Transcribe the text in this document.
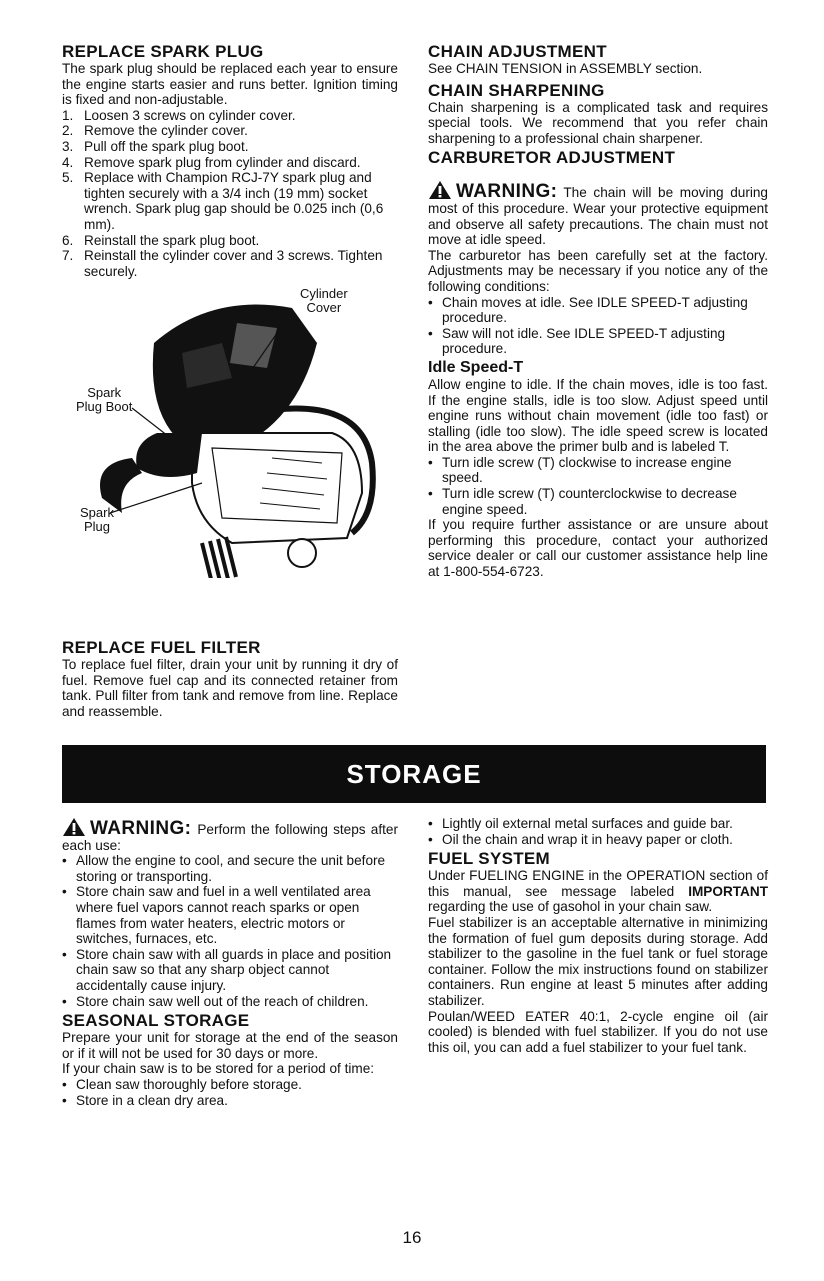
REPLACE SPARK PLUG

The spark plug should be replaced each year to ensure the engine starts easier and runs better. Ignition timing is fixed and non-adjustable.

1. Loosen 3 screws on cylinder cover.
2. Remove the cylinder cover.
3. Pull off the spark plug boot.
4. Remove spark plug from cylinder and discard.
5. Replace with Champion RCJ-7Y spark plug and tighten securely with a 3/4 inch (19 mm) socket wrench. Spark plug gap should be 0.025 inch (0,6 mm).
6. Reinstall the spark plug boot.
7. Reinstall the cylinder cover and 3 screws. Tighten securely.
Cylinder
Cover
Spark
Plug Boot
Spark
Plug
REPLACE FUEL FILTER

To replace fuel filter, drain your unit by running it dry of fuel. Remove fuel cap and its connected retainer from tank. Pull filter from tank and remove from line. Replace and reassemble.

CHAIN ADJUSTMENT

See CHAIN TENSION in ASSEMBLY section.

CHAIN SHARPENING

Chain sharpening is a complicated task and requires special tools. We recommend that you refer chain sharpening to a professional chain sharpener.

CARBURETOR ADJUSTMENT

WARNING: The chain will be moving during most of this procedure. Wear your protective equipment and observe all safety precautions. The chain must not move at idle speed.

The carburetor has been carefully set at the factory. Adjustments may be necessary if you notice any of the following conditions:

• Chain moves at idle. See IDLE SPEED-T adjusting procedure.
• Saw will not idle. See IDLE SPEED-T adjusting procedure.
Idle Speed-T

Allow engine to idle. If the chain moves, idle is too fast. If the engine stalls, idle is too slow. Adjust speed until engine runs without chain movement (idle too fast) or stalling (idle too slow). The idle speed screw is located in the area above the primer bulb and is labeled T.

• Turn idle screw (T) clockwise to increase engine speed.
• Turn idle screw (T) counterclockwise to decrease engine speed.

If you require further assistance or are unsure about performing this procedure, contact your authorized service dealer or call our customer assistance help line at 1-800-554-6723.

STORAGE

WARNING: Perform the following steps after each use:

• Allow the engine to cool, and secure the unit before storing or transporting.
• Store chain saw and fuel in a well ventilated area where fuel vapors cannot reach sparks or open flames from water heaters, electric motors or switches, furnaces, etc.
• Store chain saw with all guards in place and position chain saw so that any sharp object cannot accidentally cause injury.
• Store chain saw well out of the reach of children.
SEASONAL STORAGE

Prepare your unit for storage at the end of the season or if it will not be used for 30 days or more.

If your chain saw is to be stored for a period of time:

• Clean saw thoroughly before storage.
• Store in a clean dry area.
• Lightly oil external metal surfaces and guide bar.
• Oil the chain and wrap it in heavy paper or cloth.
FUEL SYSTEM

Under FUELING ENGINE in the OPERATION section of this manual, see message labeled IMPORTANT regarding the use of gasohol in your chain saw.

Fuel stabilizer is an acceptable alternative in minimizing the formation of fuel gum deposits during storage. Add stabilizer to the gasoline in the fuel tank or fuel storage container. Follow the mix instructions found on stabilizer containers. Run engine at least 5 minutes after adding stabilizer.

Poulan/WEED EATER 40:1, 2-cycle engine oil (air cooled) is blended with fuel stabilizer. If you do not use this oil, you can add a fuel stabilizer to your fuel tank.

16
